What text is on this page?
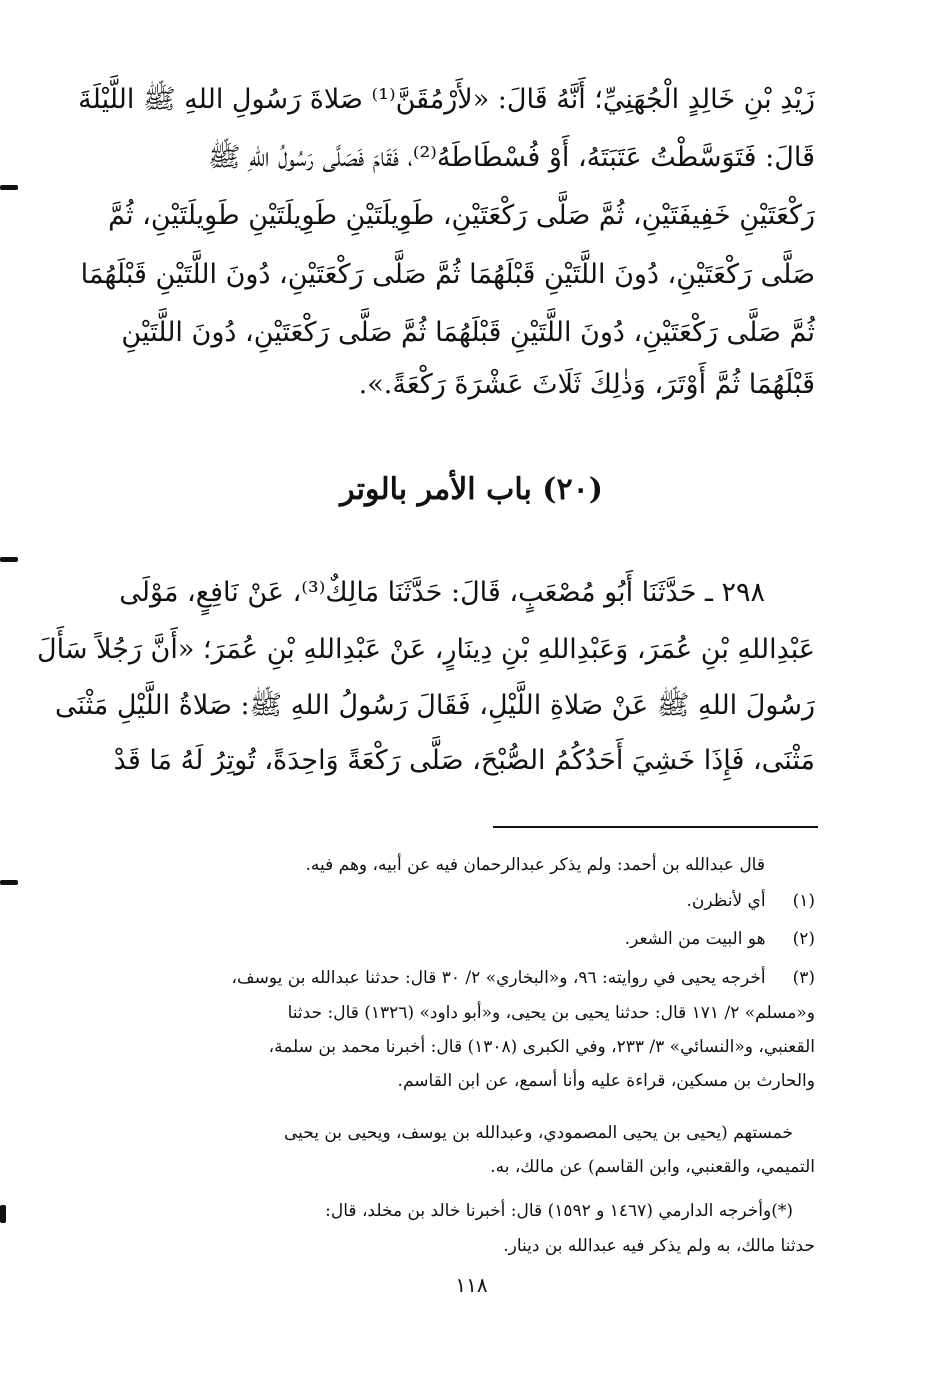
زَيْدِ بْنِ خَالِدٍ الْجُهَنِيِّ؛ أَنَّهُ قَالَ: «لأَرْمُقَنَّ⁽¹⁾ صَلاةَ رَسُولِ اللهِ ﷺ اللَّيْلَةَ
قَالَ: فَتَوَسَّطْتُ عَتَبَتَهُ، أَوْ فُسْطَاطَهُ⁽²⁾، فَقَامَ فَصَلَّى رَسُولُ اللهِ ﷺ
رَكْعَتَيْنِ خَفِيفَتَيْنِ، ثُمَّ صَلَّى رَكْعَتَيْنِ، طَوِيلَتَيْنِ طَوِيلَتَيْنِ طَوِيلَتَيْنِ، ثُمَّ
صَلَّى رَكْعَتَيْنِ، دُونَ اللَّتَيْنِ قَبْلَهُمَا ثُمَّ صَلَّى رَكْعَتَيْنِ، دُونَ اللَّتَيْنِ قَبْلَهُمَا
ثُمَّ صَلَّى رَكْعَتَيْنِ، دُونَ اللَّتَيْنِ قَبْلَهُمَا ثُمَّ صَلَّى رَكْعَتَيْنِ، دُونَ اللَّتَيْنِ
قَبْلَهُمَا ثُمَّ أَوْتَرَ، وَذٰلِكَ ثَلَاثَ عَشْرَةَ رَكْعَةً.».
(٢٠) باب الأمر بالوتر
٢٩٨ ـ حَدَّثَنَا أَبُو مُصْعَبٍ، قَالَ: حَدَّثَنَا مَالِكٌ⁽³⁾، عَنْ نَافِعٍ، مَوْلَى
عَبْدِاللهِ بْنِ عُمَرَ، وَعَبْدِاللهِ بْنِ دِينَارٍ، عَنْ عَبْدِاللهِ بْنِ عُمَرَ؛ «أَنَّ رَجُلاً سَأَلَ
رَسُولَ اللهِ ﷺ عَنْ صَلاةِ اللَّيْلِ، فَقَالَ رَسُولُ اللهِ ﷺ: صَلاةُ اللَّيْلِ مَثْنَى
مَثْنَى، فَإِذَا خَشِيَ أَحَدُكُمُ الصُّبْحَ، صَلَّى رَكْعَةً وَاحِدَةً، تُوتِرُ لَهُ مَا قَدْ
قال عبدالله بن أحمد: ولم يذكر عبدالرحمان فيه عن أبيه، وهم فيه.
(١) أي لأنظرن.
(٢) هو البيت من الشعر.
(٣) أخرجه يحيى في روايته: ٩٦، و«البخاري» ٢/ ٣٠ قال: حدثنا عبدالله بن يوسف،
و«مسلم» ٢/ ١٧١ قال: حدثنا يحيى بن يحيى، و«أبو داود» (١٣٢٦) قال: حدثنا
القعنبي، و«النسائي» ٣/ ٢٣٣، وفي الكبرى (١٣٠٨) قال: أخبرنا محمد بن سلمة،
والحارث بن مسكين، قراءة عليه وأنا أسمع، عن ابن القاسم.
خمستهم (يحيى بن يحيى المصمودي، وعبدالله بن يوسف، ويحيى بن يحيى
التميمي، والقعنبي، وابن القاسم) عن مالك، به.
(*)وأخرجه الدارمي (١٤٦٧ و ١٥٩٢) قال: أخبرنا خالد بن مخلد، قال:
حدثنا مالك، به ولم يذكر فيه عبدالله بن دينار.
١١٨
